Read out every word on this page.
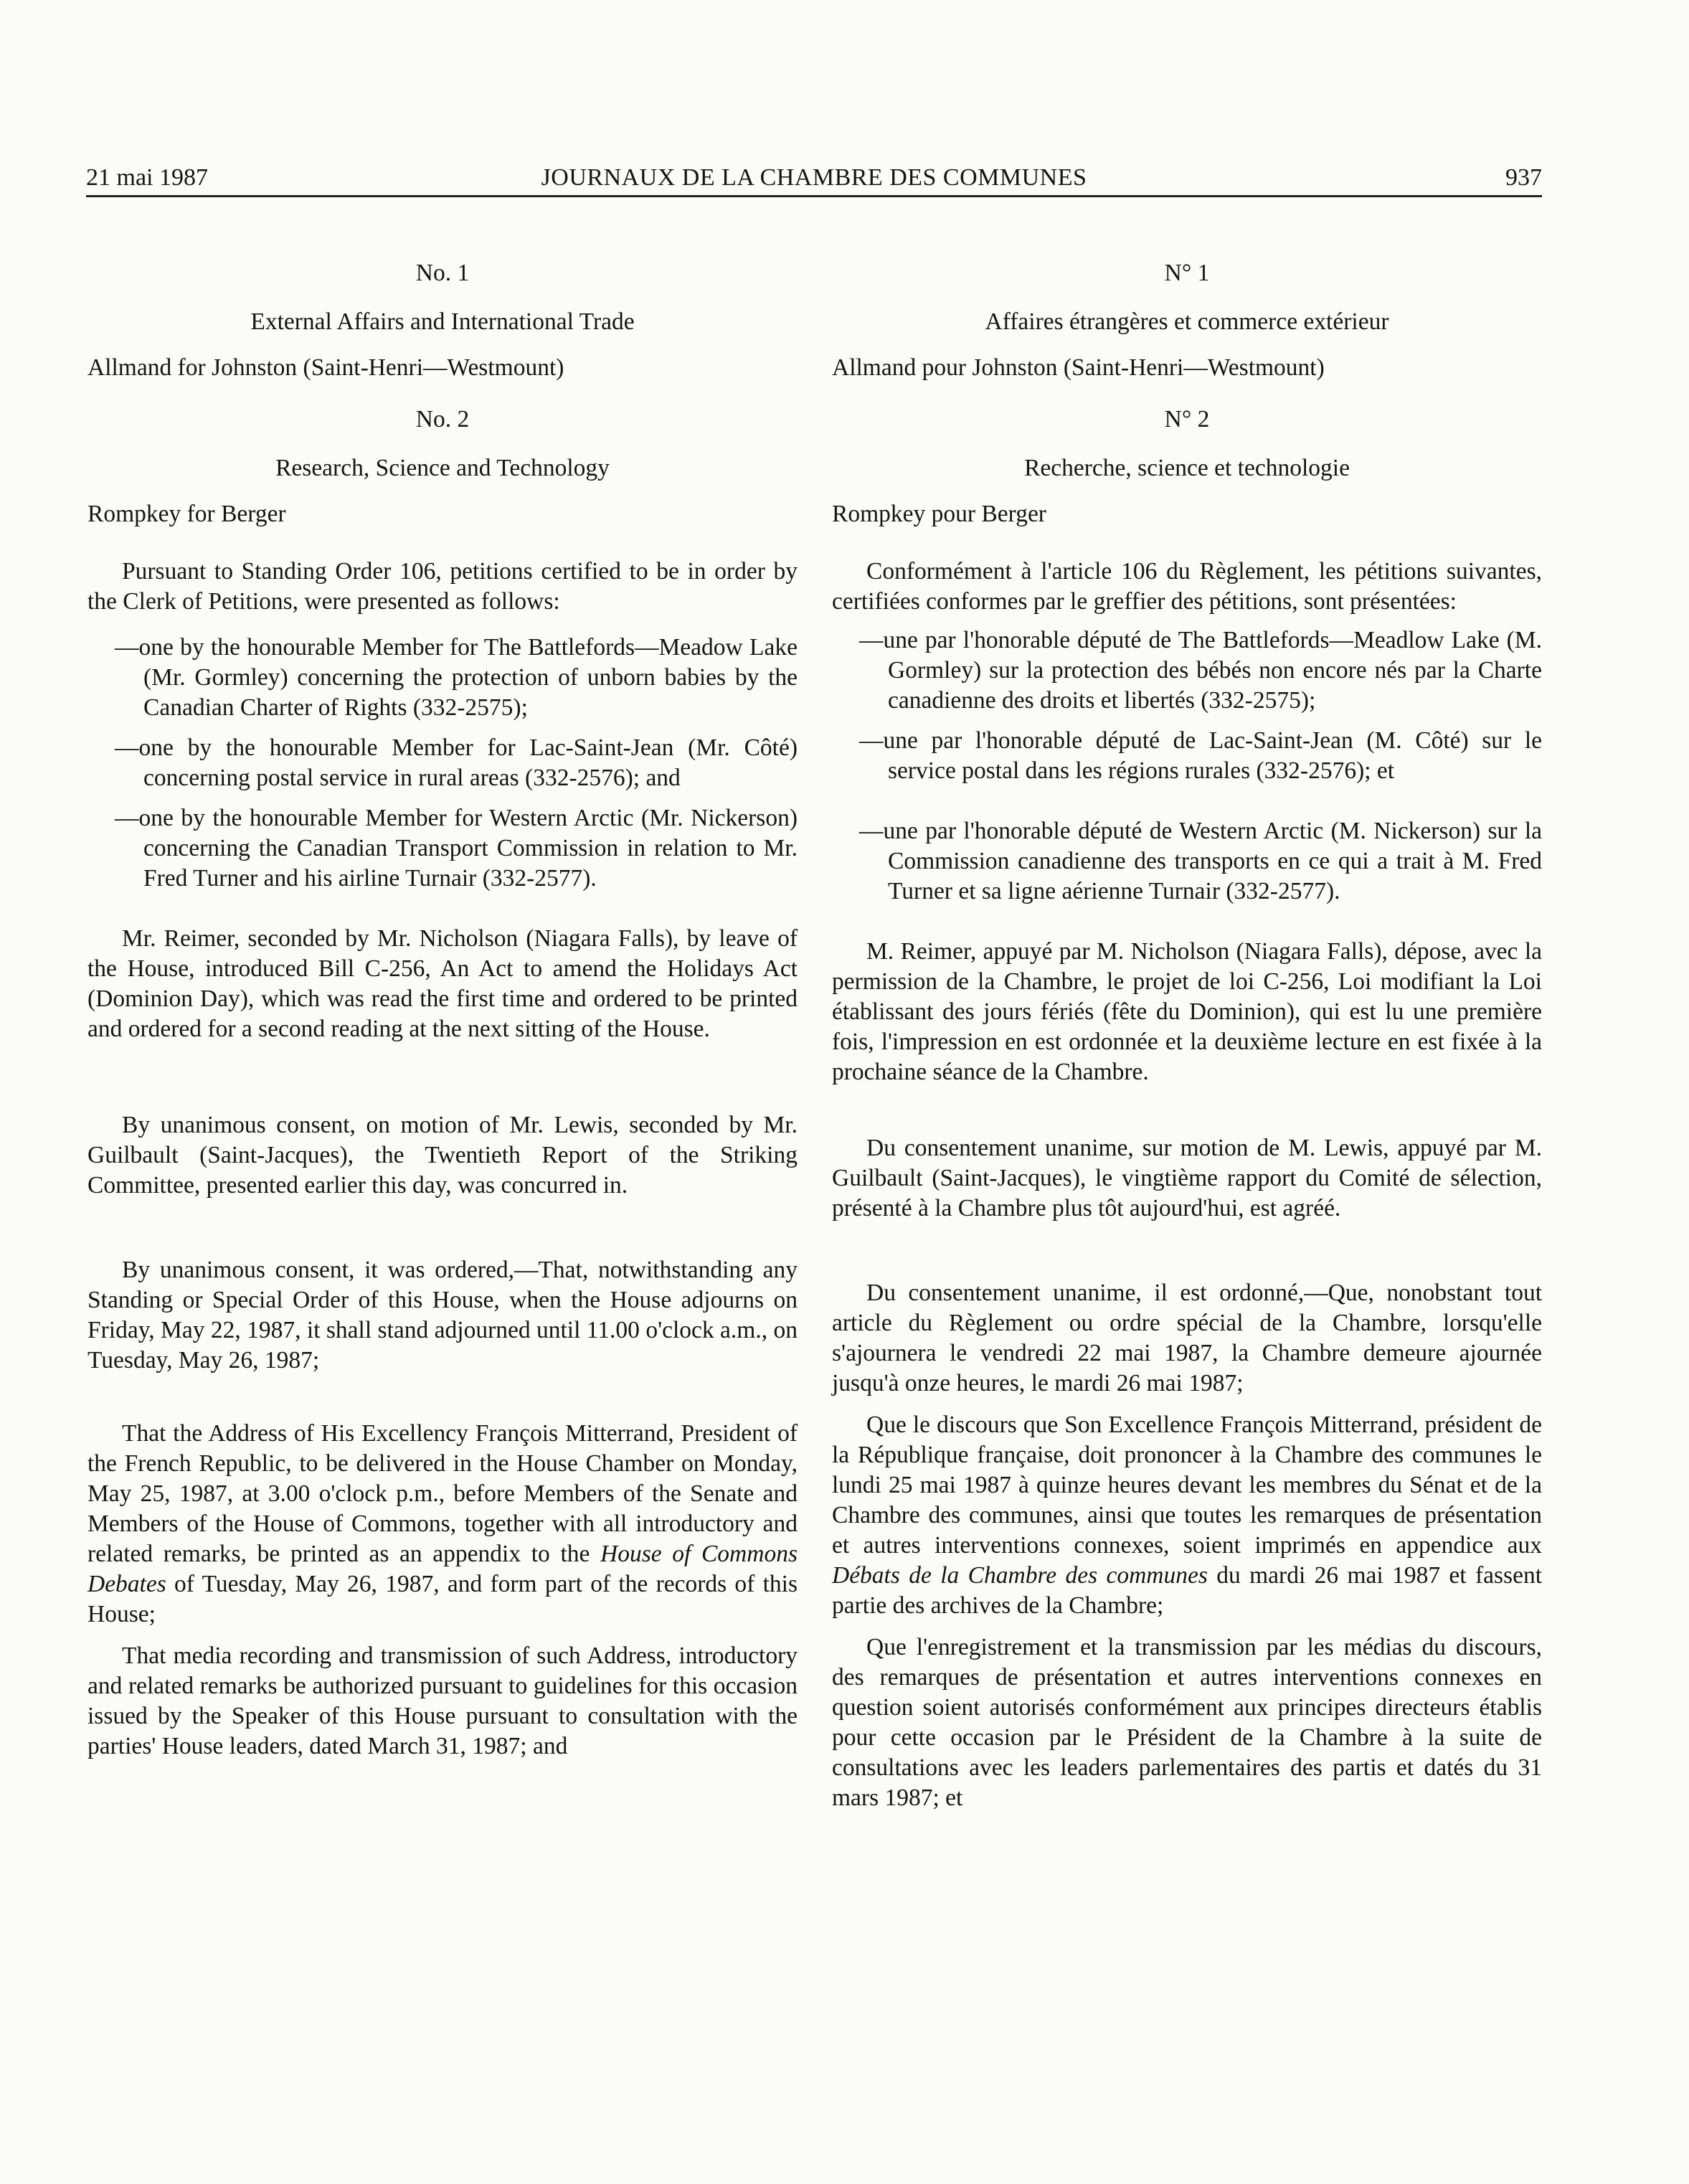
21 mai 1987	JOURNAUX DE LA CHAMBRE DES COMMUNES	937

No. 1

External Affairs and International Trade

Allmand for Johnston (Saint-Henri—Westmount)

No. 2

Research, Science and Technology

Rompkey for Berger

Pursuant to Standing Order 106, petitions certified to be in order by the Clerk of Petitions, were presented as follows:

—one by the honourable Member for The Battlefords—Meadow Lake (Mr. Gormley) concerning the protection of unborn babies by the Canadian Charter of Rights (332-2575);
—one by the honourable Member for Lac-Saint-Jean (Mr. Côté) concerning postal service in rural areas (332-2576); and
—one by the honourable Member for Western Arctic (Mr. Nickerson) concerning the Canadian Transport Commission in relation to Mr. Fred Turner and his airline Turnair (332-2577).

Mr. Reimer, seconded by Mr. Nicholson (Niagara Falls), by leave of the House, introduced Bill C-256, An Act to amend the Holidays Act (Dominion Day), which was read the first time and ordered to be printed and ordered for a second reading at the next sitting of the House.

By unanimous consent, on motion of Mr. Lewis, seconded by Mr. Guilbault (Saint-Jacques), the Twentieth Report of the Striking Committee, presented earlier this day, was concurred in.

By unanimous consent, it was ordered,—That, notwithstanding any Standing or Special Order of this House, when the House adjourns on Friday, May 22, 1987, it shall stand adjourned until 11.00 o'clock a.m., on Tuesday, May 26, 1987;

That the Address of His Excellency François Mitterrand, President of the French Republic, to be delivered in the House Chamber on Monday, May 25, 1987, at 3.00 o'clock p.m., before Members of the Senate and Members of the House of Commons, together with all introductory and related remarks, be printed as an appendix to the House of Commons Debates of Tuesday, May 26, 1987, and form part of the records of this House;

That media recording and transmission of such Address, introductory and related remarks be authorized pursuant to guidelines for this occasion issued by the Speaker of this House pursuant to consultation with the parties' House leaders, dated March 31, 1987; and

N° 1

Affaires étrangères et commerce extérieur

Allmand pour Johnston (Saint-Henri—Westmount)

N° 2

Recherche, science et technologie

Rompkey pour Berger

Conformément à l'article 106 du Règlement, les pétitions suivantes, certifiées conformes par le greffier des pétitions, sont présentées:

—une par l'honorable député de The Battlefords—Meadlow Lake (M. Gormley) sur la protection des bébés non encore nés par la Charte canadienne des droits et libertés (332-2575);
—une par l'honorable député de Lac-Saint-Jean (M. Côté) sur le service postal dans les régions rurales (332-2576); et
—une par l'honorable député de Western Arctic (M. Nickerson) sur la Commission canadienne des transports en ce qui a trait à M. Fred Turner et sa ligne aérienne Turnair (332-2577).

M. Reimer, appuyé par M. Nicholson (Niagara Falls), dépose, avec la permission de la Chambre, le projet de loi C-256, Loi modifiant la Loi établissant des jours fériés (fête du Dominion), qui est lu une première fois, l'impression en est ordonnée et la deuxième lecture en est fixée à la prochaine séance de la Chambre.

Du consentement unanime, sur motion de M. Lewis, appuyé par M. Guilbault (Saint-Jacques), le vingtième rapport du Comité de sélection, présenté à la Chambre plus tôt aujourd'hui, est agréé.

Du consentement unanime, il est ordonné,—Que, nonobstant tout article du Règlement ou ordre spécial de la Chambre, lorsqu'elle s'ajournera le vendredi 22 mai 1987, la Chambre demeure ajournée jusqu'à onze heures, le mardi 26 mai 1987;

Que le discours que Son Excellence François Mitterrand, président de la République française, doit prononcer à la Chambre des communes le lundi 25 mai 1987 à quinze heures devant les membres du Sénat et de la Chambre des communes, ainsi que toutes les remarques de présentation et autres interventions connexes, soient imprimés en appendice aux Débats de la Chambre des communes du mardi 26 mai 1987 et fassent partie des archives de la Chambre;

Que l'enregistrement et la transmission par les médias du discours, des remarques de présentation et autres interventions connexes en question soient autorisés conformément aux principes directeurs établis pour cette occasion par le Président de la Chambre à la suite de consultations avec les leaders parlementaires des partis et datés du 31 mars 1987; et
